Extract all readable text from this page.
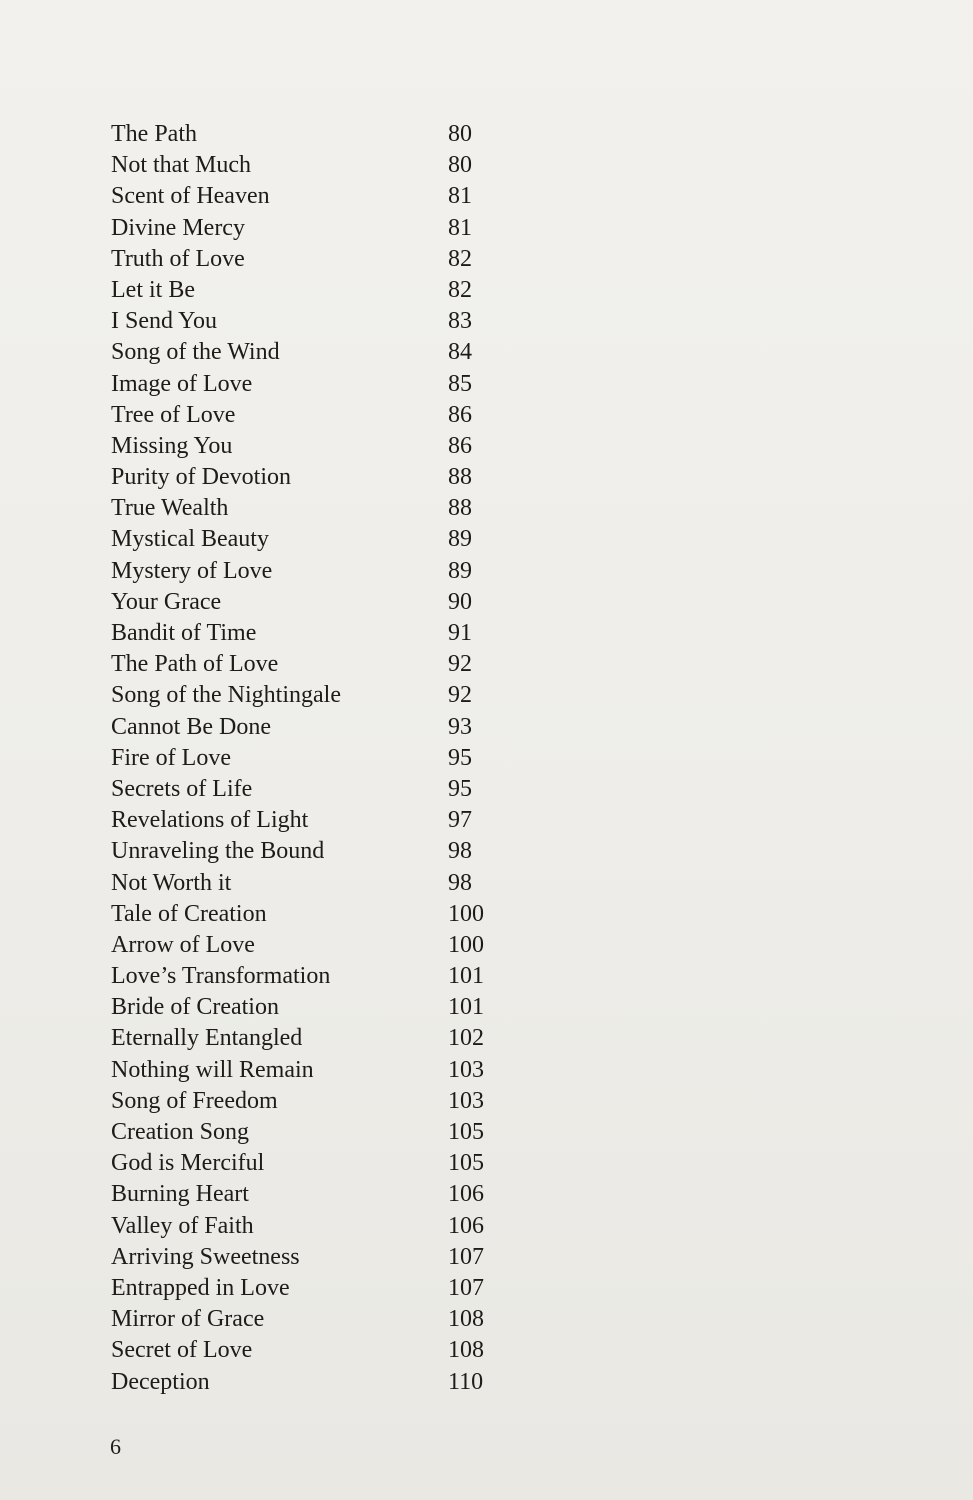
The Path	80
Not that Much	80
Scent of Heaven	81
Divine Mercy	81
Truth of Love	82
Let it Be	82
I Send You	83
Song of the Wind	84
Image of Love	85
Tree of Love	86
Missing You	86
Purity of Devotion	88
True Wealth	88
Mystical Beauty	89
Mystery of Love	89
Your Grace	90
Bandit of Time	91
The Path of Love	92
Song of the Nightingale	92
Cannot Be Done	93
Fire of Love	95
Secrets of Life	95
Revelations of Light	97
Unraveling the Bound	98
Not Worth it	98
Tale of Creation	100
Arrow of Love	100
Love’s Transformation	101
Bride of Creation	101
Eternally Entangled	102
Nothing will Remain	103
Song of Freedom	103
Creation Song	105
God is Merciful	105
Burning Heart	106
Valley of Faith	106
Arriving Sweetness	107
Entrapped in Love	107
Mirror of Grace	108
Secret of Love	108
Deception	110
6
